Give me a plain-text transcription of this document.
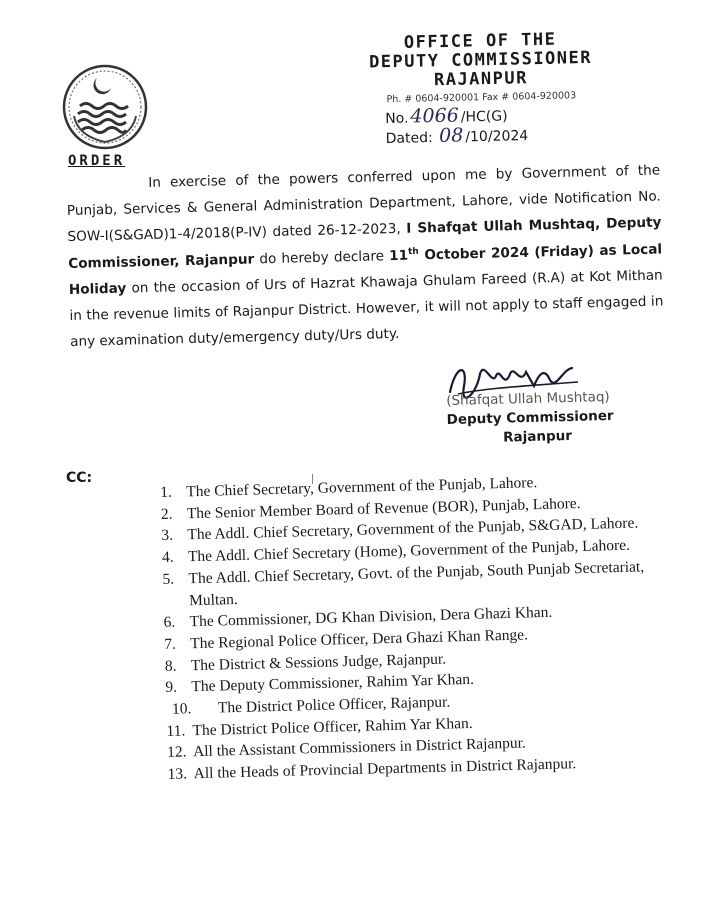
OFFICE OF THE
DEPUTY COMMISSIONER
RAJANPUR
Ph. # 0604-920001 Fax # 0604-920003
No.4066 /HC(G)
Dated: 08 /10/2024
ORDER
In exercise of the powers conferred upon me by Government of the Punjab, Services & General Administration Department, Lahore, vide Notification No. SOW-I(S&GAD)1-4/2018(P-IV) dated 26-12-2023, I Shafqat Ullah Mushtaq, Deputy Commissioner, Rajanpur do hereby declare 11th October 2024 (Friday) as Local Holiday on the occasion of Urs of Hazrat Khawaja Ghulam Fareed (R.A) at Kot Mithan in the revenue limits of Rajanpur District. However, it will not apply to staff engaged in any examination duty/emergency duty/Urs duty.
(Shafqat Ullah Mushtaq)
Deputy Commissioner
Rajanpur
CC:
1. The Chief Secretary, Government of the Punjab, Lahore.
2. The Senior Member Board of Revenue (BOR), Punjab, Lahore.
3. The Addl. Chief Secretary, Government of the Punjab, S&GAD, Lahore.
4. The Addl. Chief Secretary (Home), Government of the Punjab, Lahore.
5. The Addl. Chief Secretary, Govt. of the Punjab, South Punjab Secretariat, Multan.
6. The Commissioner, DG Khan Division, Dera Ghazi Khan.
7. The Regional Police Officer, Dera Ghazi Khan Range.
8. The District & Sessions Judge, Rajanpur.
9. The Deputy Commissioner, Rahim Yar Khan.
10.	The District Police Officer, Rajanpur.
11. The District Police Officer, Rahim Yar Khan.
12. All the Assistant Commissioners in District Rajanpur.
13. All the Heads of Provincial Departments in District Rajanpur.
